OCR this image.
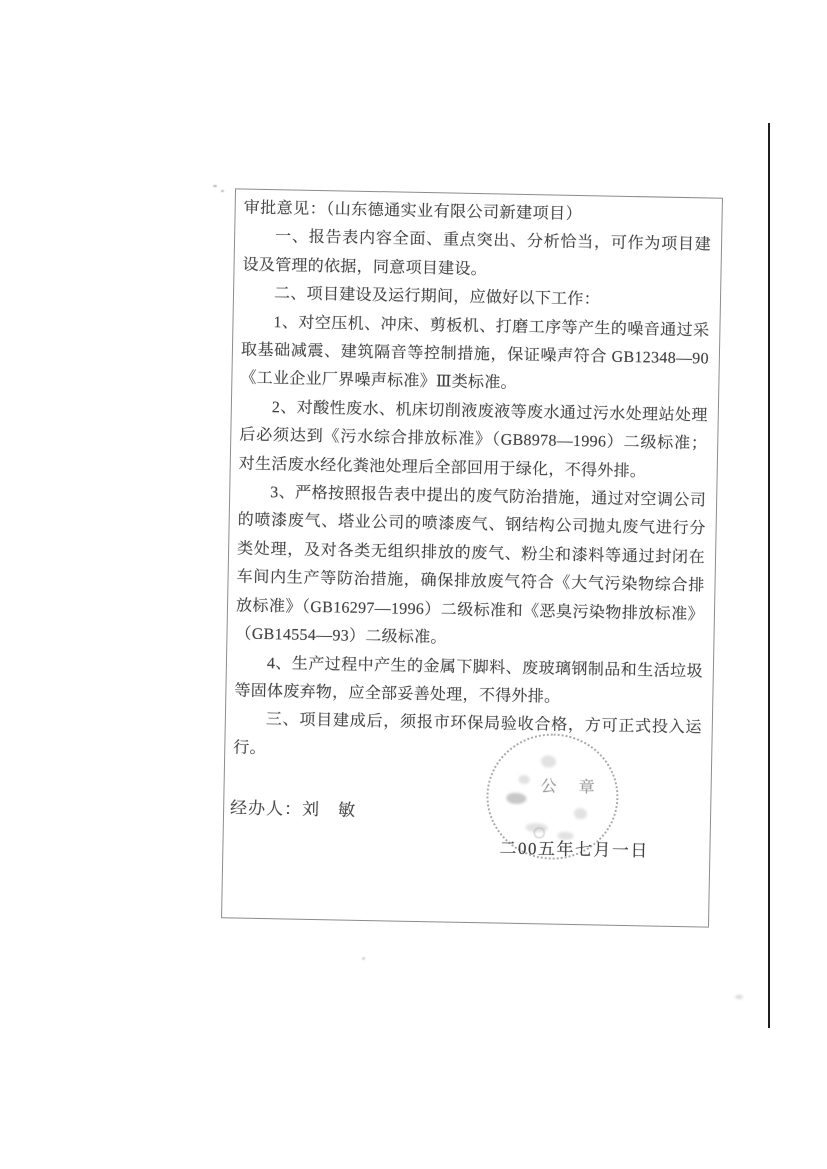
审批意见：（山东德通实业有限公司新建项目）
一、报告表内容全面、重点突出、分析恰当，可作为项目建设及管理的依据，同意项目建设。
二、项目建设及运行期间，应做好以下工作：
1、对空压机、冲床、剪板机、打磨工序等产生的噪音通过采取基础减震、建筑隔音等控制措施，保证噪声符合 GB12348—90《工业企业厂界噪声标准》Ⅲ类标准。
2、对酸性废水、机床切削液废液等废水通过污水处理站处理后必须达到《污水综合排放标准》（GB8978—1996）二级标准；对生活废水经化粪池处理后全部回用于绿化，不得外排。
3、严格按照报告表中提出的废气防治措施，通过对空调公司的喷漆废气、塔业公司的喷漆废气、钢结构公司抛丸废气进行分类处理，及对各类无组织排放的废气、粉尘和漆料等通过封闭在车间内生产等防治措施，确保排放废气符合《大气污染物综合排放标准》（GB16297—1996）二级标准和《恶臭污染物排放标准》（GB14554—93）二级标准。
4、生产过程中产生的金属下脚料、废玻璃钢制品和生活垃圾等固体废弃物，应全部妥善处理，不得外排。
三、项目建成后，须报市环保局验收合格，方可正式投入运行。
公章
经办人：刘　敏
二00五年七月一日
